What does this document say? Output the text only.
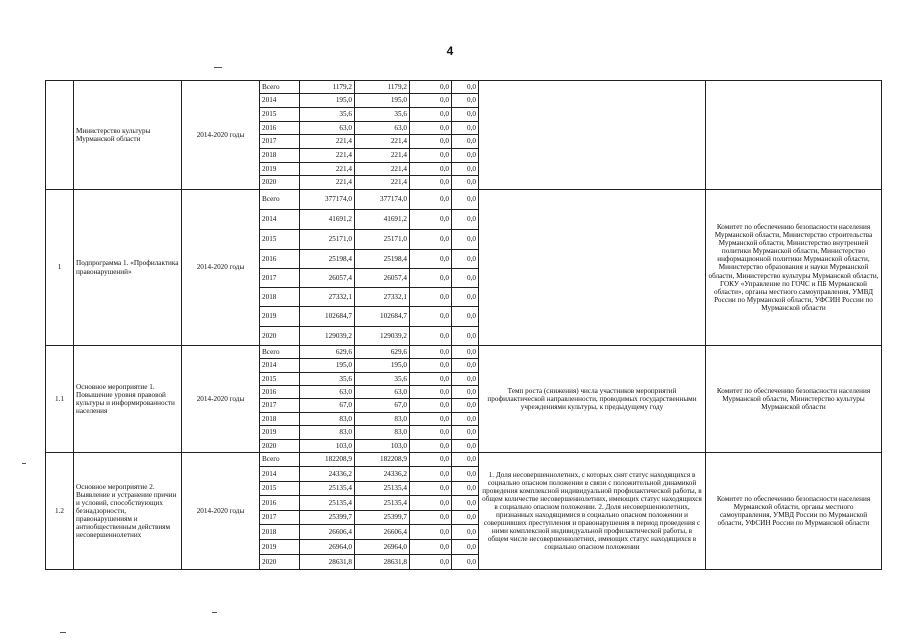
4
	Министерство культуры Мурманской области	2014-2020 годы	Всего	1179,2	1179,2	0,0	0,0		
			2014	195,0	195,0	0,0	0,0		
			2015	35,6	35,6	0,0	0,0		
			2016	63,0	63,0	0,0	0,0		
			2017	221,4	221,4	0,0	0,0		
			2018	221,4	221,4	0,0	0,0		
			2019	221,4	221,4	0,0	0,0		
			2020	221,4	221,4	0,0	0,0		
1	Подпрограмма 1. «Профилактика правонарушений»	2014-2020 годы	Всего	377174,0	377174,0	0,0	0,0		Комитет по обеспечению безопасности населения Мурманской области, Министерство строительства Мурманской области, Министерство внутренней политики Мурманской области, Министерство информационной политики Мурманской области, Министерство образования и науки Мурманской области, Министерство культуры Мурманской области, ГОКУ «Управление по ГОЧС и ПБ Мурманской области», органы местного самоуправления, УМВД России по Мурманской области, УФСИН России по Мурманской области
			2014	41691,2	41691,2	0,0	0,0		
			2015	25171,0	25171,0	0,0	0,0		
			2016	25198,4	25198,4	0,0	0,0		
			2017	26057,4	26057,4	0,0	0,0		
			2018	27332,1	27332,1	0,0	0,0		
			2019	102684,7	102684,7	0,0	0,0		
			2020	129039,2	129039,2	0,0	0,0		
1.1	Основное мероприятие 1. Повышение уровня правовой культуры и информированности населения	2014-2020 годы	Всего	629,6	629,6	0,0	0,0	Темп роста (снижения) числа участников мероприятий профилактической направленности, проводимых государственными учреждениями культуры, к предыдущему году	Комитет по обеспечению безопасности населения Мурманской области, Министерство культуры Мурманской области
			2014	195,0	195,0	0,0	0,0		
			2015	35,6	35,6	0,0	0,0		
			2016	63,0	63,0	0,0	0,0		
			2017	67,0	67,0	0,0	0,0		
			2018	83,0	83,0	0,0	0,0		
			2019	83,0	83,0	0,0	0,0		
			2020	103,0	103,0	0,0	0,0		
1.2	Основное мероприятие 2. Выявление и устранение причин и условий, способствующих безнадзорности, правонарушениям и антиобщественным действиям несовершеннолетних	2014-2020 годы	Всего	182208,9	182208,9	0,0	0,0	1. Доля несовершеннолетних, с которых снят статус находящихся в социально опасном положении в связи с положительной динамикой проведения комплексной индивидуальной профилактической работы, в общем количестве несовершеннолетних, имеющих статус находящихся в социально опасном положении. 2. Доля несовершеннолетних, признанных находящимися в социально опасном положении и совершивших преступления и правонарушения в период проведения с ними комплексной индивидуальной профилактической работы, в общем числе несовершеннолетних, имеющих статус находящихся в социально опасном положении	Комитет по обеспечению безопасности населения Мурманской области, органы местного самоуправления, УМВД России по Мурманской области, УФСИН России по Мурманской области
			2014	24336,2	24336,2	0,0	0,0		
			2015	25135,4	25135,4	0,0	0,0		
			2016	25135,4	25135,4	0,0	0,0		
			2017	25399,7	25399,7	0,0	0,0		
			2018	26606,4	26606,4	0,0	0,0		
			2019	26964,0	26964,0	0,0	0,0		
			2020	28631,8	28631,8	0,0	0,0		
